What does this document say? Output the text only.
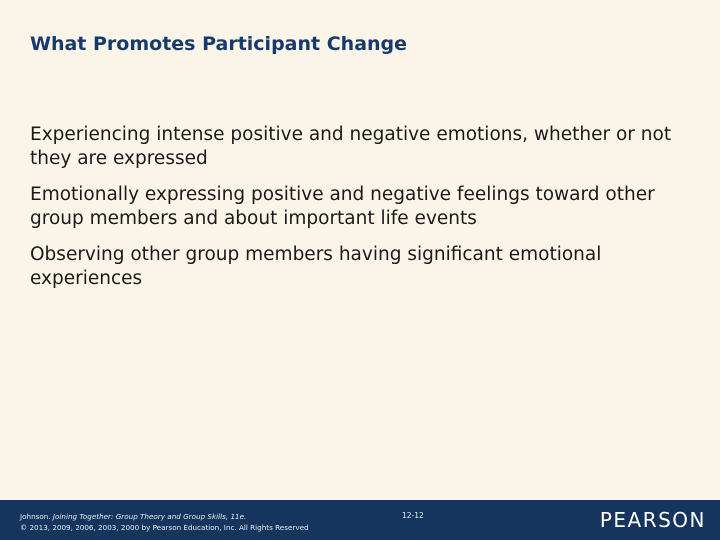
What Promotes Participant Change

Experiencing intense positive and negative emotions, whether or not they are expressed

Emotionally expressing positive and negative feelings toward other group members and about important life events

Observing other group members having significant emotional experiences

Johnson. Joining Together: Group Theory and Group Skills, 11e.
© 2013, 2009, 2006, 2003, 2000 by Pearson Education, Inc. All Rights Reserved
12-12	PEARSON
